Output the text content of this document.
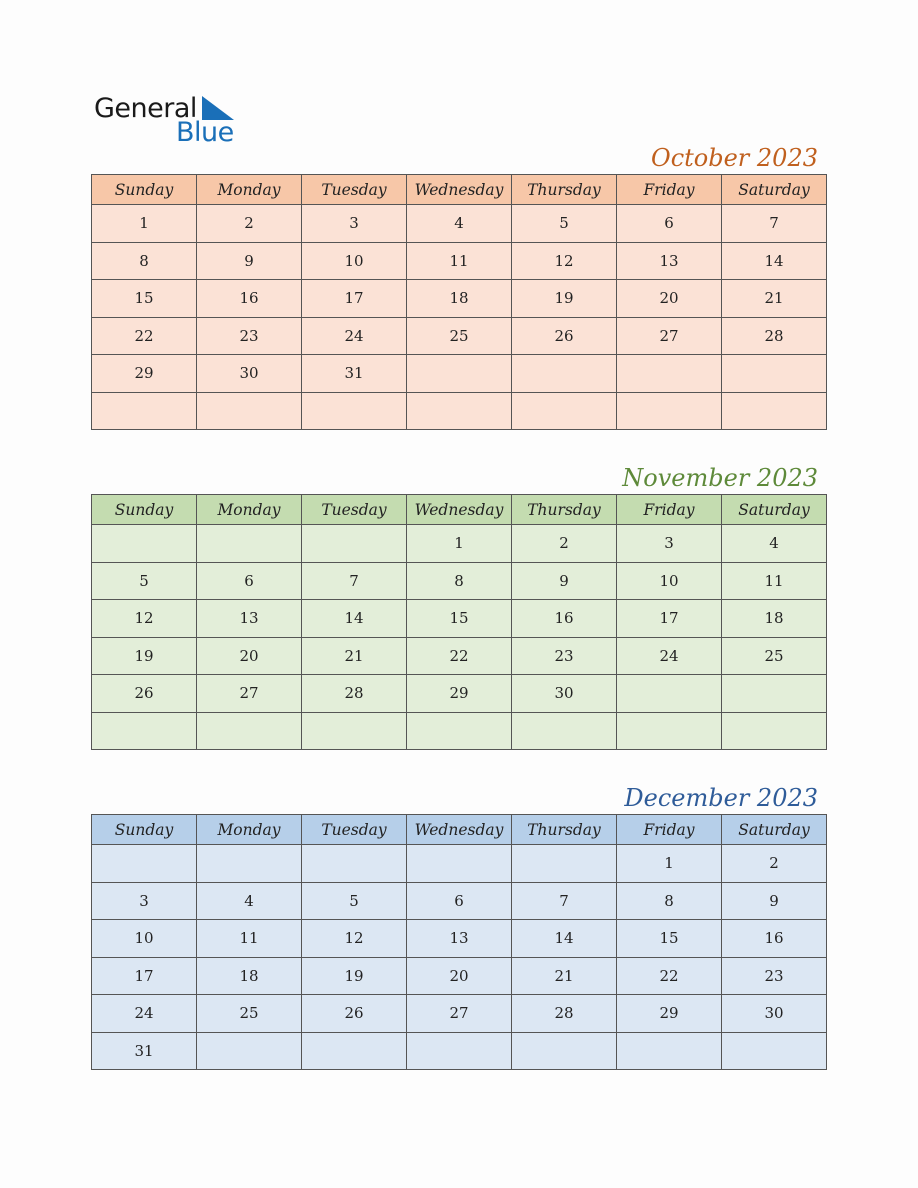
General
Blue
October 2023
Sunday	Monday	Tuesday	Wednesday	Thursday	Friday	Saturday
1	2	3	4	5	6	7
8	9	10	11	12	13	14
15	16	17	18	19	20	21
22	23	24	25	26	27	28
29	30	31				

November 2023
Sunday	Monday	Tuesday	Wednesday	Thursday	Friday	Saturday
			1	2	3	4
5	6	7	8	9	10	11
12	13	14	15	16	17	18
19	20	21	22	23	24	25
26	27	28	29	30		

December 2023
Sunday	Monday	Tuesday	Wednesday	Thursday	Friday	Saturday
					1	2
3	4	5	6	7	8	9
10	11	12	13	14	15	16
17	18	19	20	21	22	23
24	25	26	27	28	29	30
31						
